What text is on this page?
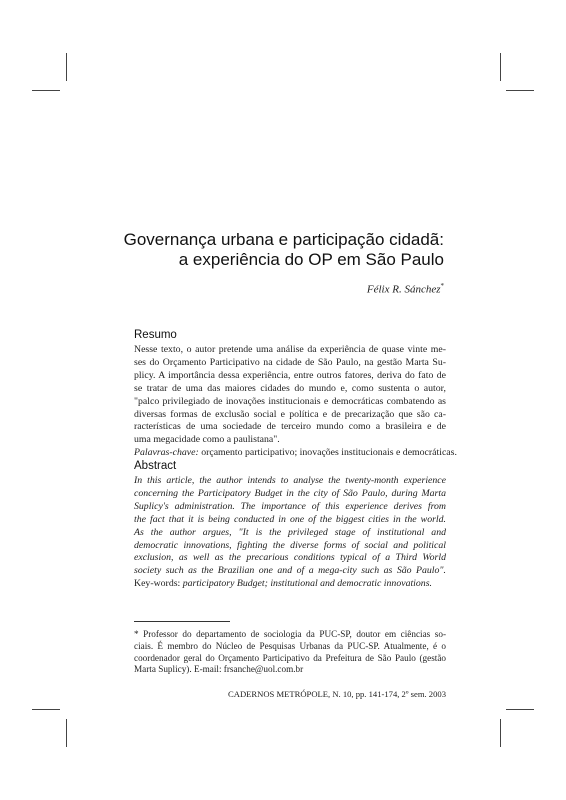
Governança urbana e participação cidadã:
a experiência do OP em São Paulo
Félix R. Sánchez*
Resumo

Nesse texto, o autor pretende uma análise da experiência de quase vinte me-
ses do Orçamento Participativo na cidade de São Paulo, na gestão Marta Su-
plicy. A importância dessa experiência, entre outros fatores, deriva do fato de
se tratar de uma das maiores cidades do mundo e, como sustenta o autor,
"palco privilegiado de inovações institucionais e democráticas combatendo as
diversas formas de exclusão social e política e de precarização que são ca-
racterísticas de uma sociedade de terceiro mundo como a brasileira e de
uma megacidade como a paulistana".
Palavras-chave: orçamento participativo; inovações institucionais e democráticas.

Abstract

In this article, the author intends to analyse the twenty-month experience
concerning the Participatory Budget in the city of São Paulo, during Marta
Suplicy's administration. The importance of this experience derives from
the fact that it is being conducted in one of the biggest cities in the world.
As the author argues, "It is the privileged stage of institutional and
democratic innovations, fighting the diverse forms of social and political
exclusion, as well as the precarious conditions typical of a Third World
society such as the Brazilian one and of a mega-city such as São Paulo".
Key-words: participatory Budget; institutional and democratic innovations.

* Professor do departamento de sociologia da PUC-SP, doutor em ciências so-
ciais. É membro do Núcleo de Pesquisas Urbanas da PUC-SP. Atualmente, é o
coordenador geral do Orçamento Participativo da Prefeitura de São Paulo (gestão
Marta Suplicy). E-mail: frsanche@uol.com.br
CADERNOS METRÓPOLE, N. 10, pp. 141-174, 2º sem. 2003
